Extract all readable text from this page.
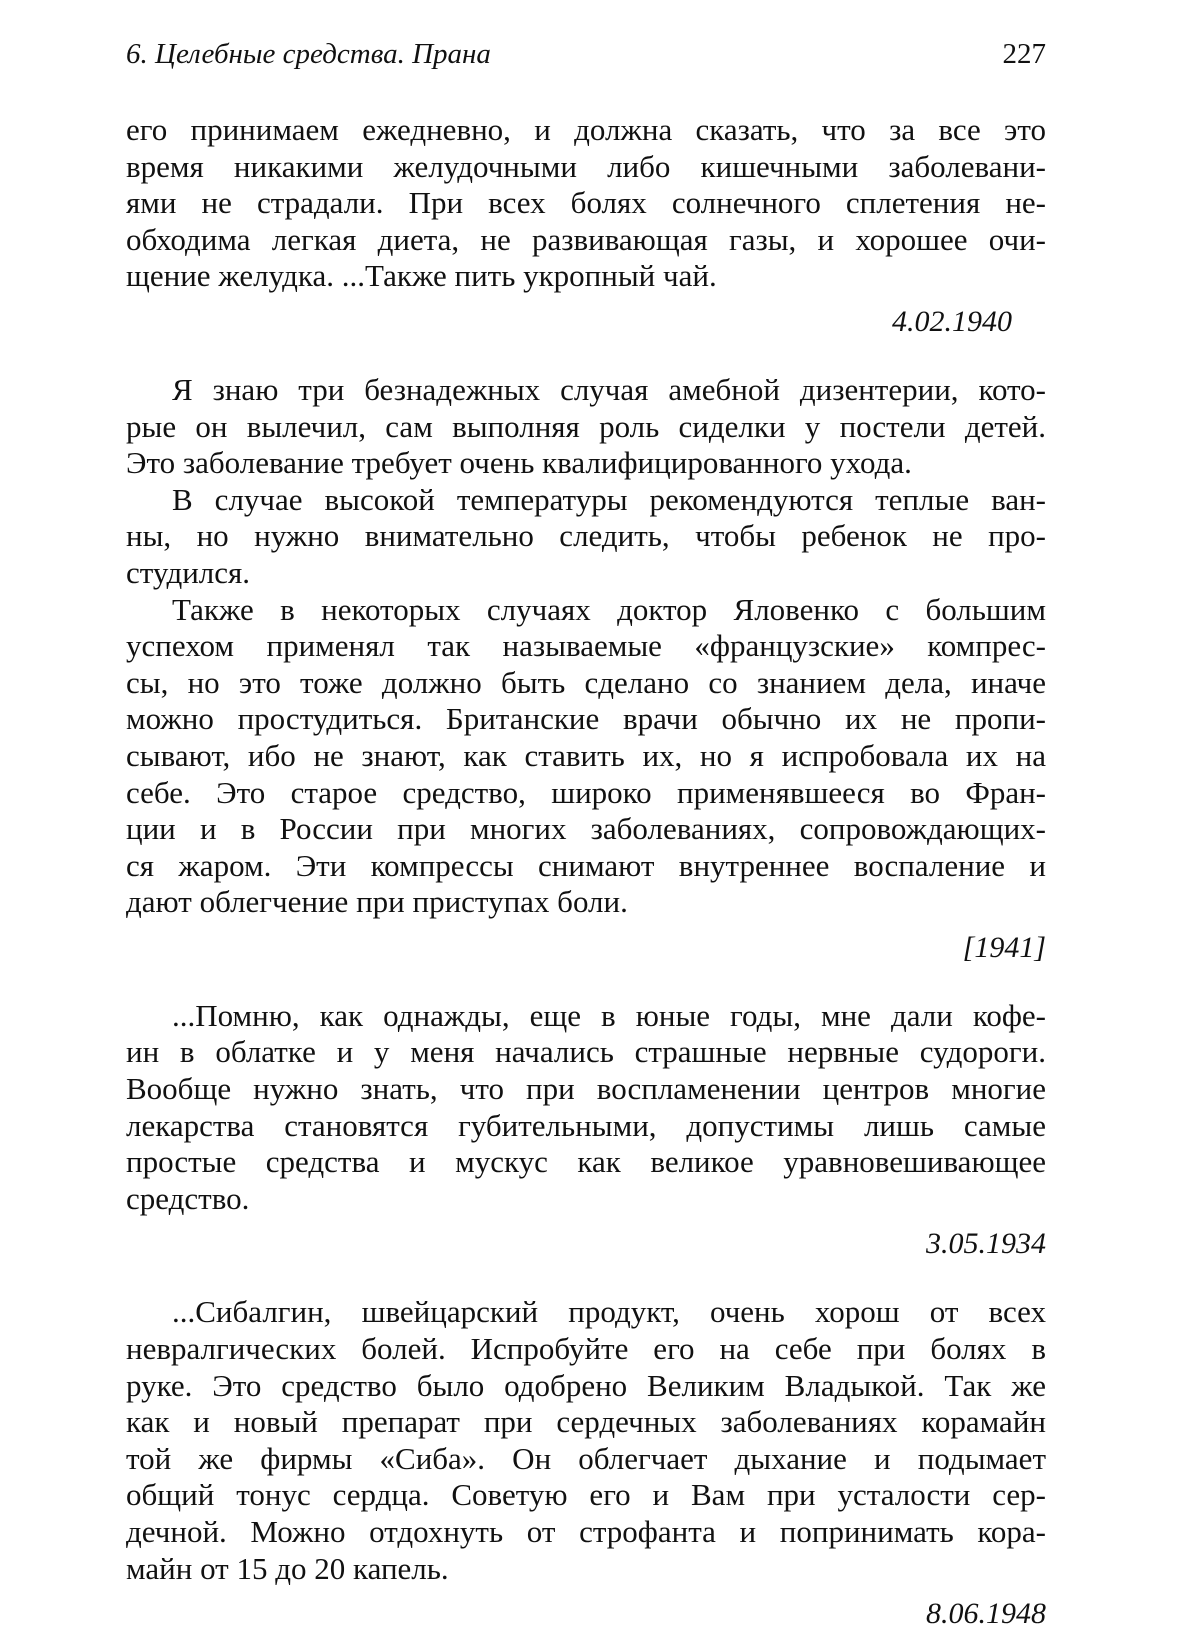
6. Целебные средства. Прана	227
его принимаем ежедневно, и должна сказать, что за все это
время никакими желудочными либо кишечными заболевани-
ями не страдали. При всех болях солнечного сплетения не-
обходима легкая диета, не развивающая газы, и хорошее очи-
щение желудка. ...Также пить укропный чай.
4.02.1940
Я знаю три безнадежных случая амебной дизентерии, кото-
рые он вылечил, сам выполняя роль сиделки у постели детей.
Это заболевание требует очень квалифицированного ухода.
В случае высокой температуры рекомендуются теплые ван-
ны, но нужно внимательно следить, чтобы ребенок не про-
студился.
Также в некоторых случаях доктор Яловенко с большим
успехом применял так называемые «французские» компрес-
сы, но это тоже должно быть сделано со знанием дела, иначе
можно простудиться. Британские врачи обычно их не пропи-
сывают, ибо не знают, как ставить их, но я испробовала их на
себе. Это старое средство, широко применявшееся во Фран-
ции и в России при многих заболеваниях, сопровождающих-
ся жаром. Эти компрессы снимают внутреннее воспаление и
дают облегчение при приступах боли.
[1941]
...Помню, как однажды, еще в юные годы, мне дали кофе-
ин в облатке и у меня начались страшные нервные судороги.
Вообще нужно знать, что при воспламенении центров многие
лекарства становятся губительными, допустимы лишь самые
простые средства и мускус как великое уравновешивающее
средство.
3.05.1934
...Сибалгин, швейцарский продукт, очень хорош от всех
невралгических болей. Испробуйте его на себе при болях в
руке. Это средство было одобрено Великим Владыкой. Так же
как и новый препарат при сердечных заболеваниях корамайн
той же фирмы «Сиба». Он облегчает дыхание и подымает
общий тонус сердца. Советую его и Вам при усталости сер-
дечной. Можно отдохнуть от строфанта и попринимать кора-
майн от 15 до 20 капель.
8.06.1948
